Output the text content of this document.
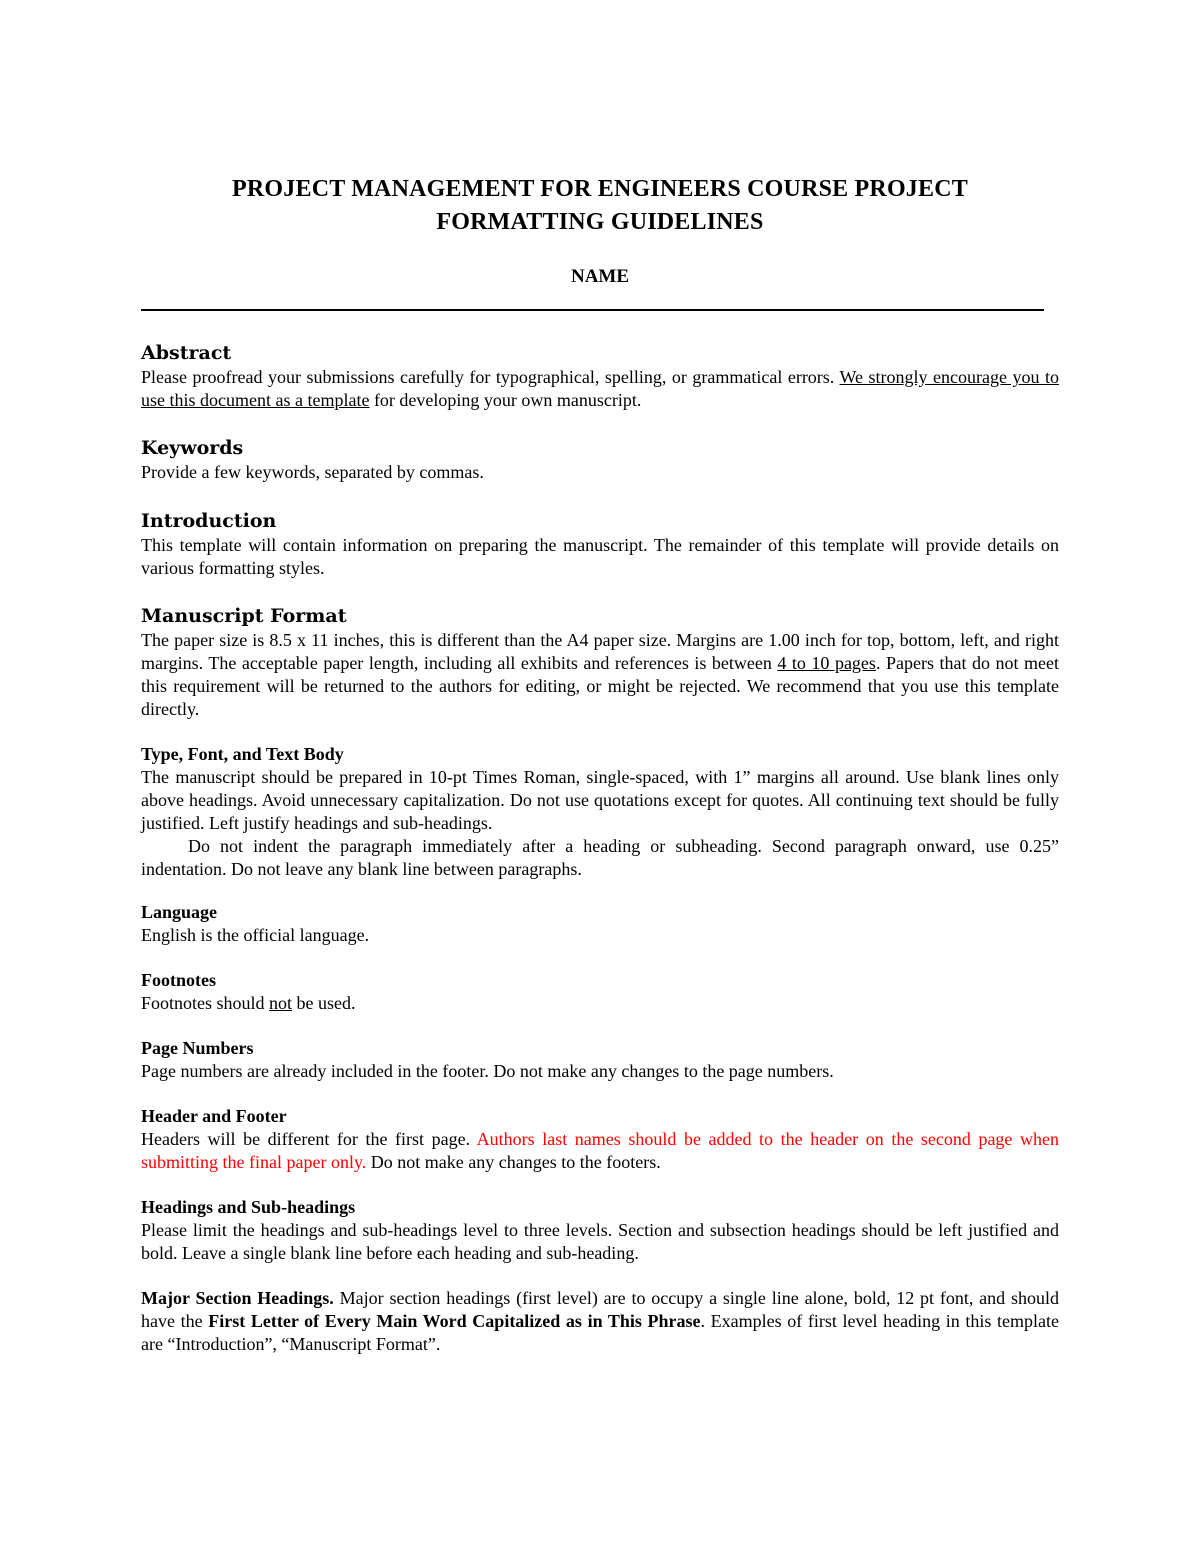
PROJECT MANAGEMENT FOR ENGINEERS COURSE PROJECT
FORMATTING GUIDELINES
NAME
Abstract

Please proofread your submissions carefully for typographical, spelling, or grammatical errors. We strongly encourage you to use this document as a template for developing your own manuscript.

Keywords

Provide a few keywords, separated by commas.

Introduction

This template will contain information on preparing the manuscript. The remainder of this template will provide details on various formatting styles.

Manuscript Format

The paper size is 8.5 x 11 inches, this is different than the A4 paper size. Margins are 1.00 inch for top, bottom, left, and right margins. The acceptable paper length, including all exhibits and references is between 4 to 10 pages. Papers that do not meet this requirement will be returned to the authors for editing, or might be rejected. We recommend that you use this template directly.

Type, Font, and Text Body

The manuscript should be prepared in 10-pt Times Roman, single-spaced, with 1” margins all around. Use blank lines only above headings. Avoid unnecessary capitalization. Do not use quotations except for quotes. All continuing text should be fully justified. Left justify headings and sub-headings.

Do not indent the paragraph immediately after a heading or subheading. Second paragraph onward, use 0.25” indentation. Do not leave any blank line between paragraphs.

Language

English is the official language.

Footnotes

Footnotes should not be used.

Page Numbers

Page numbers are already included in the footer. Do not make any changes to the page numbers.

Header and Footer

Headers will be different for the first page. Authors last names should be added to the header on the second page when submitting the final paper only. Do not make any changes to the footers.

Headings and Sub-headings

Please limit the headings and sub-headings level to three levels. Section and subsection headings should be left justified and bold. Leave a single blank line before each heading and sub-heading.

Major Section Headings. Major section headings (first level) are to occupy a single line alone, bold, 12 pt font, and should have the First Letter of Every Main Word Capitalized as in This Phrase. Examples of first level heading in this template are “Introduction”, “Manuscript Format”.
